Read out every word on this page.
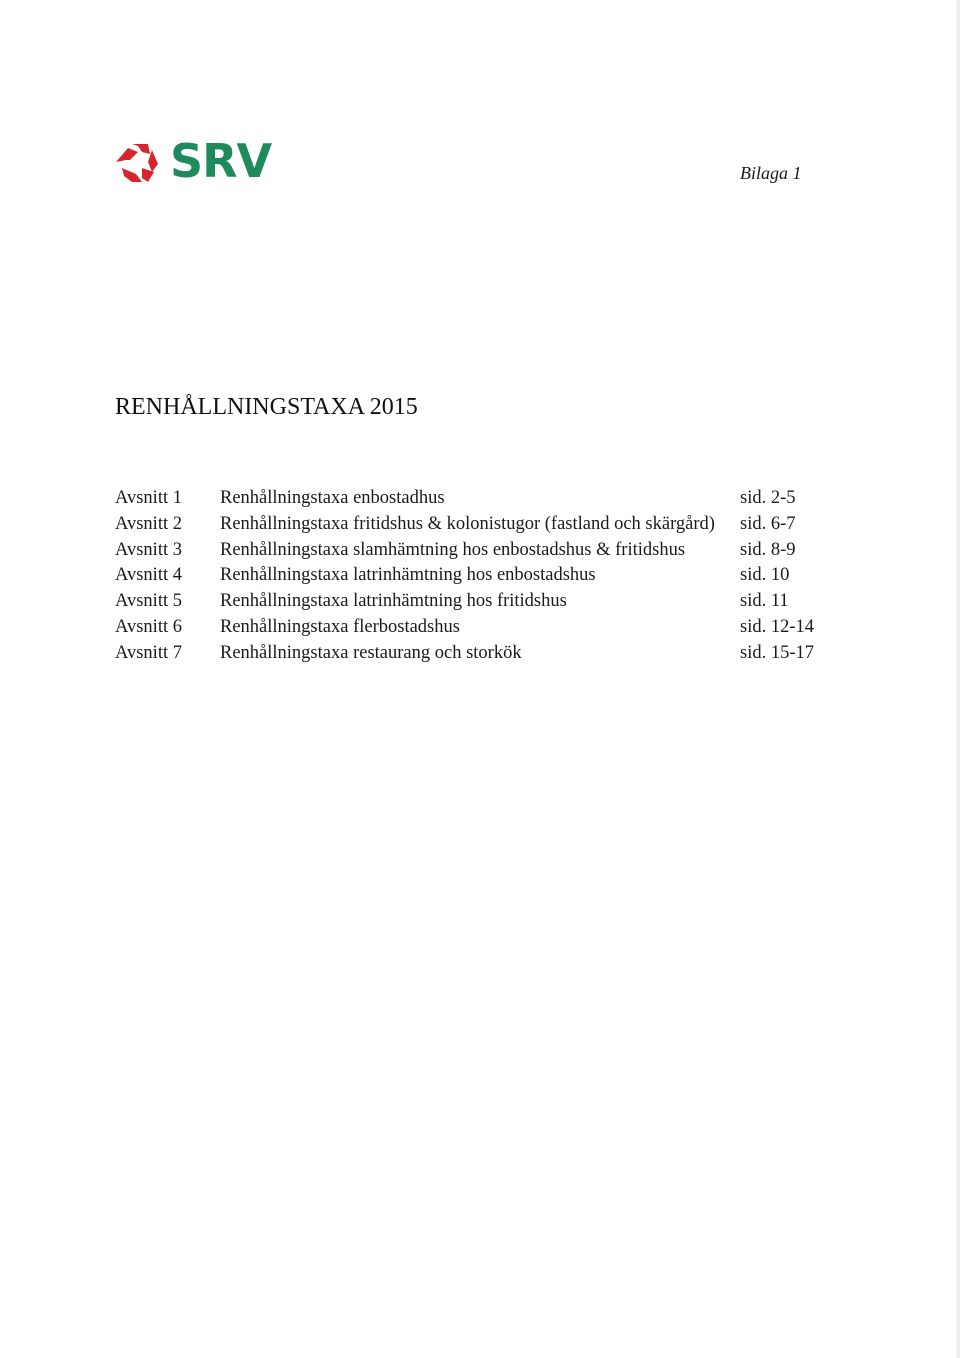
SRV	Bilaga 1
RENHÅLLNINGSTAXA 2015
Avsnitt 1 Renhållningstaxa enbostadhus	sid. 2-5
Avsnitt 2 Renhållningstaxa fritidshus & kolonistugor (fastland och skärgård) sid. 6-7
Avsnitt 3 Renhållningstaxa slamhämtning hos enbostadshus & fritidshus	sid. 8-9
Avsnitt 4 Renhållningstaxa latrinhämtning hos enbostadshus	sid. 10
Avsnitt 5 Renhållningstaxa latrinhämtning hos fritidshus	sid. 11
Avsnitt 6 Renhållningstaxa flerbostadshus	sid. 12-14
Avsnitt 7 Renhållningstaxa restaurang och storkök	sid. 15-17
